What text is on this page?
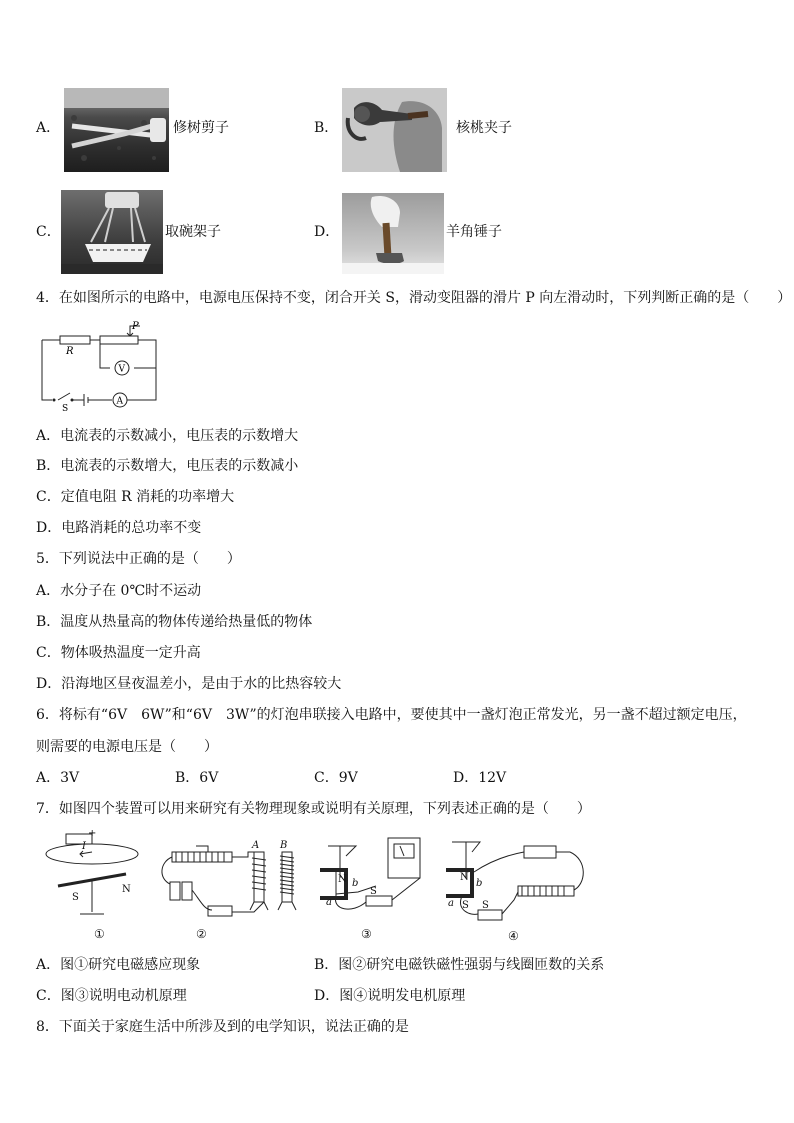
A．	修树剪子	B．	核桃夹子
C．	取碗架子	D．	羊角锤子
4．在如图所示的电路中，电源电压保持不变，闭合开关 S，滑动变阻器的滑片 P 向左滑动时，下列判断正确的是（　　）
R
P
V
A
S
A．电流表的示数减小，电压表的示数增大
B．电流表的示数增大，电压表的示数减小
C．定值电阻 R 消耗的功率增大
D．电路消耗的总功率不变
5．下列说法中正确的是（　　）
A．水分子在 0℃时不运动
B．温度从热量高的物体传递给热量低的物体
C．物体吸热温度一定升高
D．沿海地区昼夜温差小，是由于水的比热容较大
6．将标有“6V　6W”和“6V　3W”的灯泡串联接入电路中，要使其中一盏灯泡正常发光，另一盏不超过额定电压，
则需要的电源电压是（　　）
A．3V	B．6V	C．9V	D．12V
7．如图四个装置可以用来研究有关物理现象或说明有关原理，下列表述正确的是（　　）
+
I
S
N
A B
N
a
b
S
N
S
a
b
S
①	②	③	④
A．图①研究电磁感应现象	B．图②研究电磁铁磁性强弱与线圈匝数的关系
C．图③说明电动机原理	D．图④说明发电机原理
8．下面关于家庭生活中所涉及到的电学知识，说法正确的是
